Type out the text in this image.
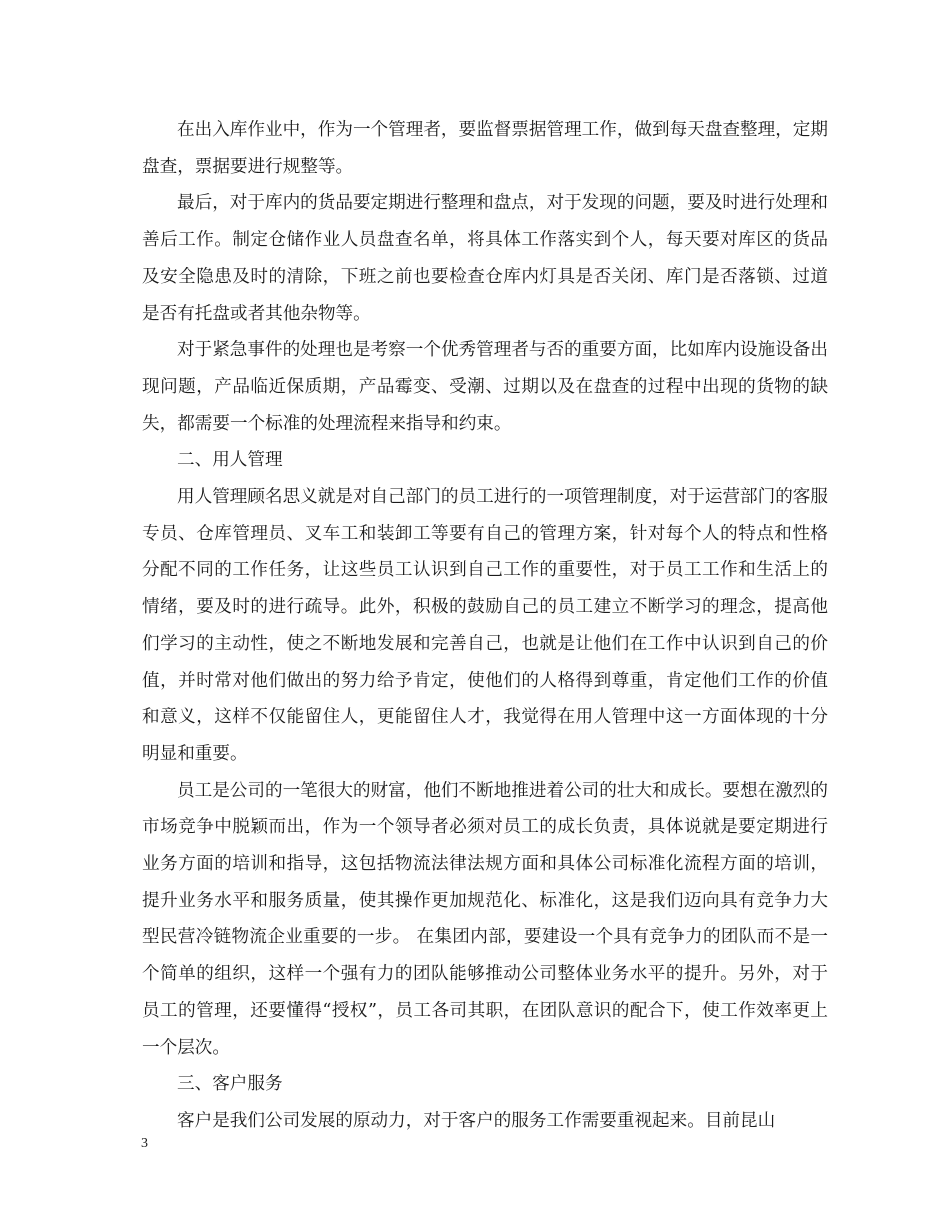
在出入库作业中，作为一个管理者，要监督票据管理工作，做到每天盘查整理，定期盘查，票据要进行规整等。

最后，对于库内的货品要定期进行整理和盘点，对于发现的问题，要及时进行处理和善后工作。制定仓储作业人员盘查名单，将具体工作落实到个人，每天要对库区的货品及安全隐患及时的清除，下班之前也要检查仓库内灯具是否关闭、库门是否落锁、过道是否有托盘或者其他杂物等。

对于紧急事件的处理也是考察一个优秀管理者与否的重要方面，比如库内设施设备出现问题，产品临近保质期，产品霉变、受潮、过期以及在盘查的过程中出现的货物的缺失，都需要一个标准的处理流程来指导和约束。

二、用人管理

用人管理顾名思义就是对自己部门的员工进行的一项管理制度，对于运营部门的客服专员、仓库管理员、叉车工和装卸工等要有自己的管理方案，针对每个人的特点和性格分配不同的工作任务，让这些员工认识到自己工作的重要性，对于员工工作和生活上的情绪，要及时的进行疏导。此外，积极的鼓励自己的员工建立不断学习的理念，提高他们学习的主动性，使之不断地发展和完善自己，也就是让他们在工作中认识到自己的价值，并时常对他们做出的努力给予肯定，使他们的人格得到尊重，肯定他们工作的价值和意义，这样不仅能留住人，更能留住人才，我觉得在用人管理中这一方面体现的十分明显和重要。

员工是公司的一笔很大的财富，他们不断地推进着公司的壮大和成长。要想在激烈的市场竞争中脱颖而出，作为一个领导者必须对员工的成长负责，具体说就是要定期进行业务方面的培训和指导，这包括物流法律法规方面和具体公司标准化流程方面的培训，提升业务水平和服务质量，使其操作更加规范化、标准化，这是我们迈向具有竞争力大型民营冷链物流企业重要的一步。 在集团内部，要建设一个具有竞争力的团队而不是一个简单的组织，这样一个强有力的团队能够推动公司整体业务水平的提升。另外，对于员工的管理，还要懂得“授权”，员工各司其职，在团队意识的配合下，使工作效率更上一个层次。

三、客户服务

客户是我们公司发展的原动力，对于客户的服务工作需要重视起来。目前昆山

3
